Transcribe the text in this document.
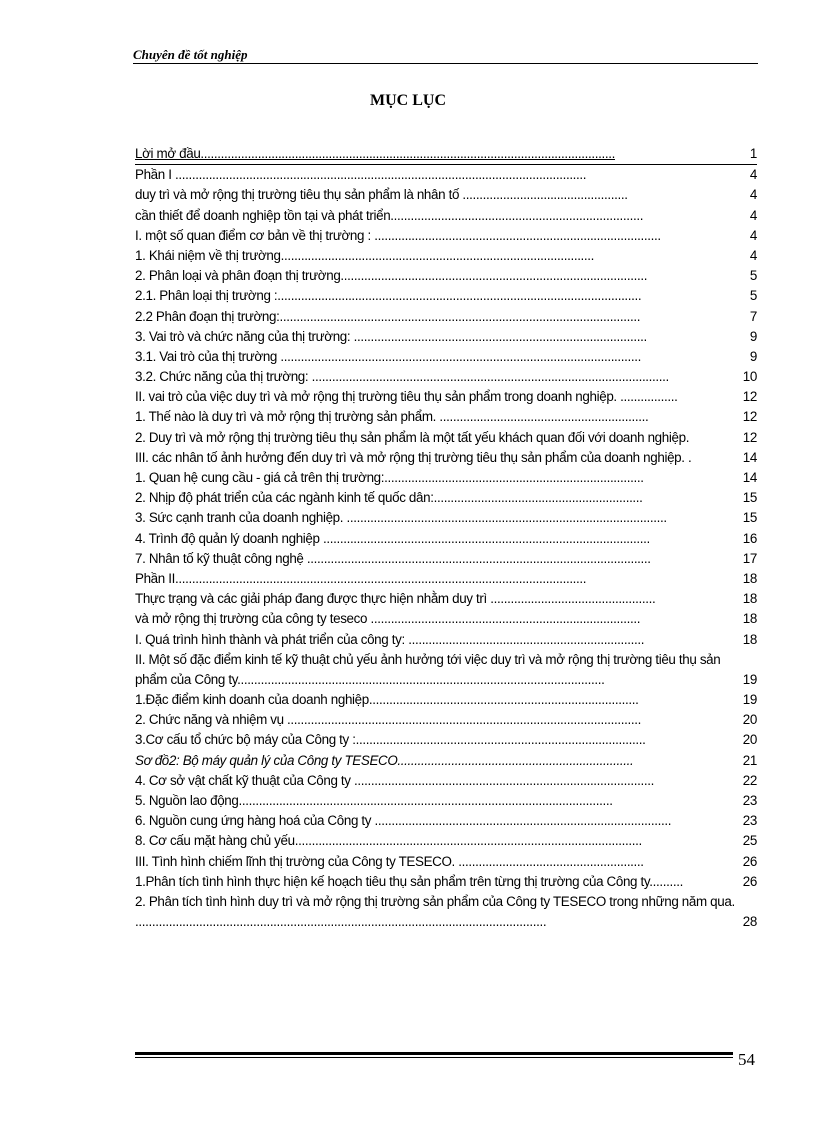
Chuyên đề tốt nghiệp
MỤC LỤC
Lời mở đầu...........................................................................................................................	1
Phần I ..........................................................................................................................	4
duy trì và mở rộng thị trường tiêu thụ sản phẩm là nhân tố .................................................	4
cần thiết để doanh nghiệp tồn tại và phát triển...........................................................................	4
I. một số quan điểm cơ bản về thị trường : .....................................................................................	4
1. Khái niệm về thị trường.............................................................................................	4
2. Phân loại và phân đoạn thị trường...........................................................................................	5
2.1. Phân loại thị trường :............................................................................................................	5
2.2 Phân đoạn thị trường:...........................................................................................................	7
3. Vai trò và chức năng của thị trường: .......................................................................................	9
3.1. Vai trò của thị trường ...........................................................................................................	9
3.2. Chức năng của thị trường: ..........................................................................................................	10
II. vai trò của việc duy trì và mở rộng thị trường tiêu thụ sản phẩm trong doanh nghiệp. .................	12
1. Thế nào là duy trì và mở rộng thị trường sản phẩm. ..............................................................	12
2. Duy trì và mở rộng thị trường tiêu thụ sản phẩm là một tất yếu khách quan đối với doanh nghiệp.	12
III. các nhân tố ảnh hưởng đến duy trì và mở rộng thị trường tiêu thụ sản phẩm của doanh nghiệp. .	14
1. Quan hệ cung cầu - giá cả trên thị trường:.............................................................................	14
2. Nhịp độ phát triển của các ngành kinh tế quốc dân:..............................................................	15
3. Sức cạnh tranh của doanh nghiệp. ...............................................................................................	15
4. Trình độ quản lý doanh nghiệp .................................................................................................	16
7. Nhân tố kỹ thuật công nghệ ......................................................................................................	17
Phần II..........................................................................................................................	18
Thực trạng và các giải pháp đang được thực hiện nhằm duy trì .................................................	18
và mở rộng thị trường của công ty teseco ................................................................................	18
I. Quá trình hình thành và phát triển của công ty: ......................................................................	18
II. Một số đặc điểm kinh tế kỹ thuật chủ yếu ảnh hưởng tới việc duy trì và mở rộng thị trường tiêu thụ sản phẩm của Công ty.............................................................................................................	19
1.Đặc điểm kinh doanh của doanh nghiệp................................................................................	19
2. Chức năng và nhiệm vụ .........................................................................................................	20
3.Cơ cấu tổ chức bộ máy của Công ty :......................................................................................	20
Sơ đồ2: Bộ máy quản lý của Công ty TESECO......................................................................	21
4. Cơ sở vật chất kỹ thuật của Công ty .........................................................................................	22
5. Nguồn lao động...............................................................................................................	23
6. Nguồn cung ứng hàng hoá của Công ty ........................................................................................	23
8. Cơ cấu mặt hàng chủ yếu.......................................................................................................	25
III. Tình hình chiếm lĩnh thị trường của Công ty TESECO. .......................................................	26
1.Phân tích tình hình thực hiện kế hoạch tiêu thụ sản phẩm trên từng thị trường của Công ty..........	26
2. Phân tích tình hình duy trì và mở rộng thị trường sản phẩm của Công ty TESECO trong những năm qua. ..........................................................................................................................	28
54
